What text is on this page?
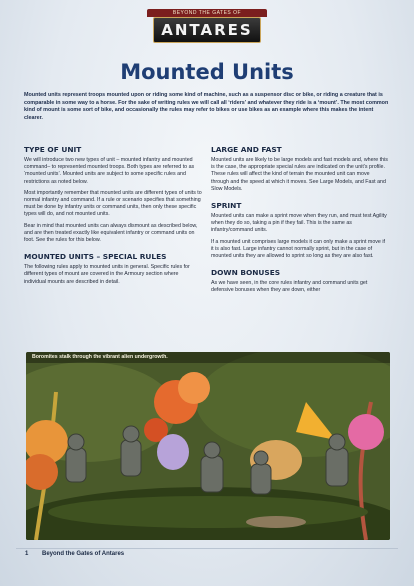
BEYOND THE GATES OF
ANTARES
Mounted Units

Mounted units represent troops mounted upon or riding some kind of machine, such as a suspensor disc or bike, or riding a creature that is comparable in some way to a horse. For the sake of writing rules we will call all ‘riders’ and whatever they ride is a ‘mount’. The most common kind of mount is some sort of bike, and occasionally the rules may refer to bikes or use bikes as an example where this makes the intent clearer.

TYPE OF UNIT

We will introduce two new types of unit – mounted infantry and mounted command– to represented mounted troops. Both types are referred to as ‘mounted units’. Mounted units are subject to some specific rules and restrictions as noted below.

Most importantly remember that mounted units are different types of units to normal infantry and command. If a rule or scenario specifies that something must be done by infantry units or command units, then only these specific types will do, and not mounted units.

Bear in mind that mounted units can always dismount as described below, and are then treated exactly like equivalent infantry or command units on foot. See the rules for this below.

MOUNTED UNITS – SPECIAL RULES

The following rules apply to mounted units in general. Specific rules for different types of mount are covered in the Armoury section where individual mounts are described in detail.

LARGE AND FAST

Mounted units are likely to be large models and fast models and, where this is the case, the appropriate special rules are indicated on the unit’s profile. These rules will affect the kind of terrain the mounted unit can move through and the speed at which it moves. See Large Models, and Fast and Slow Models.

SPRINT

Mounted units can make a sprint move when they run, and must test Agility when they do so, taking a pin if they fail. This is the same as infantry/command units.

If a mounted unit comprises large models it can only make a sprint move if it is also fast. Large infantry cannot normally sprint, but in the case of mounted units they are allowed to sprint so long as they are also fast.

DOWN BONUSES

As we have seen, in the core rules infantry and command units get defensive bonuses when they are down, either

Boromites stalk through the vibrant alien undergrowth.
1 Beyond the Gates of Antares
